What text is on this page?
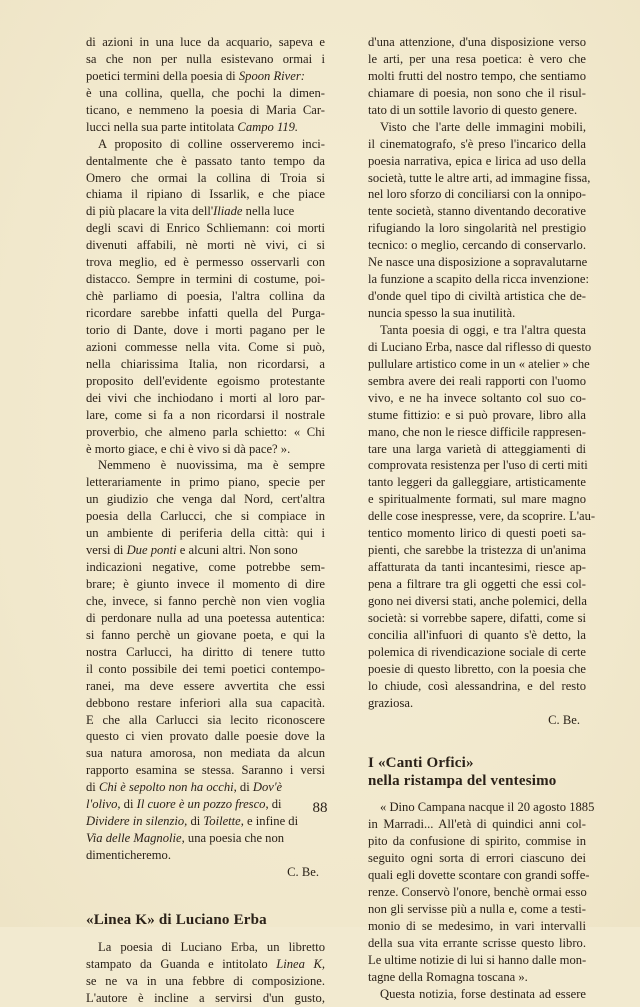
di azioni in una luce da acquario, sapeva e
sa che non per nulla esistevano ormai i
poetici termini della poesia di Spoon River:
è una collina, quella, che pochi la dimen-
ticano, e nemmeno la poesia di Maria Car-
lucci nella sua parte intitolata Campo 119.
A proposito di colline osserveremo inci-
dentalmente che è passato tanto tempo da
Omero che ormai la collina di Troia si
chiama il ripiano di Issarlik, e che piace
di più placare la vita dell'Iliade nella luce
degli scavi di Enrico Schliemann: coi morti
divenuti affabili, nè morti nè vivi, ci si
trova meglio, ed è permesso osservarli con
distacco. Sempre in termini di costume, poi-
chè parliamo di poesia, l'altra collina da
ricordare sarebbe infatti quella del Purga-
torio di Dante, dove i morti pagano per le
azioni commesse nella vita. Come si può,
nella chiarissima Italia, non ricordarsi, a
proposito dell'evidente egoismo protestante
dei vivi che inchiodano i morti al loro par-
lare, come si fa a non ricordarsi il nostrale
proverbio, che almeno parla schietto: « Chi
è morto giace, e chi è vivo si dà pace? ».
Nemmeno è nuovissima, ma è sempre
letterariamente in primo piano, specie per
un giudizio che venga dal Nord, cert'altra
poesia della Carlucci, che si compiace in
un ambiente di periferia della città: qui i
versi di Due ponti e alcuni altri. Non sono
indicazioni negative, come potrebbe sem-
brare; è giunto invece il momento di dire
che, invece, si fanno perchè non vien voglia
di perdonare nulla ad una poetessa autentica:
si fanno perchè un giovane poeta, e qui la
nostra Carlucci, ha diritto di tenere tutto
il conto possibile dei temi poetici contempo-
ranei, ma deve essere avvertita che essi
debbono restare inferiori alla sua capacità.
E che alla Carlucci sia lecito riconoscere
questo ci vien provato dalle poesie dove la
sua natura amorosa, non mediata da alcun
rapporto esamina se stessa. Saranno i versi
di Chi è sepolto non ha occhi, di Dov'è
l'olivo, di Il cuore è un pozzo fresco, di
Dividere in silenzio, di Toilette, e infine di
Via delle Magnolie, una poesia che non
dimenticheremo.
C. Be.
«Linea K» di Luciano Erba
La poesia di Luciano Erba, un libretto
stampato da Guanda e intitolato Linea K,
se ne va in una febbre di composizione.
L'autore è incline a servirsi d'un gusto,
d'una attenzione, d'una disposizione verso
le arti, per una resa poetica: è vero che
molti frutti del nostro tempo, che sentiamo
chiamare di poesia, non sono che il risul-
tato di un sottile lavorio di questo genere.
Visto che l'arte delle immagini mobili,
il cinematografo, s'è preso l'incarico della
poesia narrativa, epica e lirica ad uso della
società, tutte le altre arti, ad immagine fissa,
nel loro sforzo di conciliarsi con la onnipo-
tente società, stanno diventando decorative
rifugiando la loro singolarità nel prestigio
tecnico: o meglio, cercando di conservarlo.
Ne nasce una disposizione a sopravalutarne
la funzione a scapito della ricca invenzione:
d'onde quel tipo di civiltà artistica che de-
nuncia spesso la sua inutilità.
Tanta poesia di oggi, e tra l'altra questa
di Luciano Erba, nasce dal riflesso di questo
pullulare artistico come in un « atelier » che
sembra avere dei reali rapporti con l'uomo
vivo, e ne ha invece soltanto col suo co-
stume fittizio: e si può provare, libro alla
mano, che non le riesce difficile rappresen-
tare una larga varietà di atteggiamenti di
comprovata resistenza per l'uso di certi miti
tanto leggeri da galleggiare, artisticamente
e spiritualmente formati, sul mare magno
delle cose inespresse, vere, da scoprire. L'au-
tentico momento lirico di questi poeti sa-
pienti, che sarebbe la tristezza di un'anima
affatturata da tanti incantesimi, riesce ap-
pena a filtrare tra gli oggetti che essi col-
gono nei diversi stati, anche polemici, della
società: si vorrebbe sapere, difatti, come si
concilia all'infuori di quanto s'è detto, la
polemica di rivendicazione sociale di certe
poesie di questo libretto, con la poesia che
lo chiude, così alessandrina, e del resto
graziosa.
C. Be.
I «Canti Orfici»
nella ristampa del ventesimo
« Dino Campana nacque il 20 agosto 1885
in Marradi... All'età di quindici anni col-
pito da confusione di spirito, commise in
seguito ogni sorta di errori ciascuno dei
quali egli dovette scontare con grandi soffe-
renze. Conservò l'onore, benchè ormai esso
non gli servisse più a nulla e, come a testi-
monio di se medesimo, in vari intervalli
della sua vita errante scrisse questo libro.
Le ultime notizie di lui si hanno dalle mon-
tagne della Romagna toscana ».
Questa notizia, forse destinata ad essere
88
